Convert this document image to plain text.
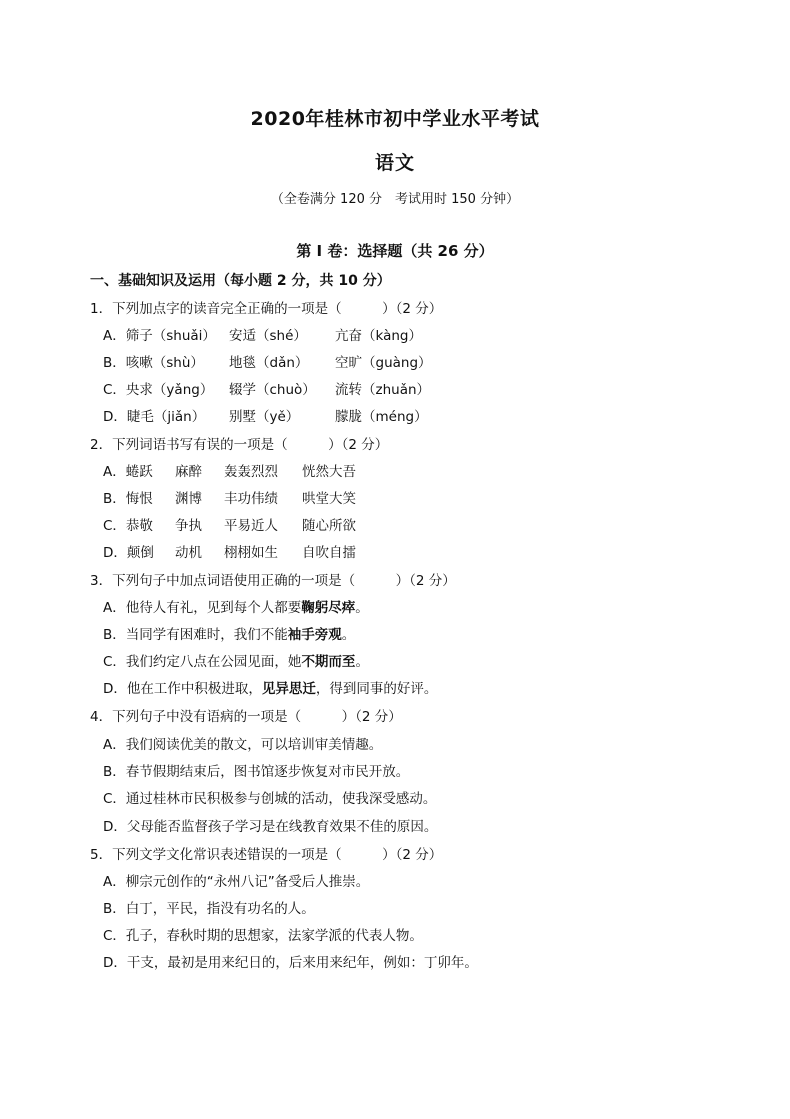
2020年桂林市初中学业水平考试
语文
（全卷满分 120 分　考试用时 150 分钟）
第 I 卷：选择题（共 26 分）
一、基础知识及运用（每小题 2 分，共 10 分）
1．下列加点字的读音完全正确的一项是（　　　）（2 分）
A．筛子（shuǎi） 安适（shé） 亢奋（kàng）
B．咳嗽（shù） 地毯（dǎn） 空旷（guàng）
C．央求（yǎng） 辍学（chuò） 流转（zhuǎn）
D．睫毛（jiǎn） 别墅（yě）	朦胧（méng）
2．下列词语书写有误的一项是（　　　）（2 分）
A．蜷跃 麻醉 轰轰烈烈 恍然大吾
B．悔恨 渊博 丰功伟绩 哄堂大笑
C．恭敬 争执 平易近人 随心所欲
D．颠倒 动机 栩栩如生 自吹自擂
3．下列句子中加点词语使用正确的一项是（　　　）（2 分）
A．他待人有礼，见到每个人都要鞠躬尽瘁。
B．当同学有困难时，我们不能袖手旁观。
C．我们约定八点在公园见面，她不期而至。
D．他在工作中积极进取，见异思迁，得到同事的好评。
4．下列句子中没有语病的一项是（　　　）（2 分）
A．我们阅读优美的散文，可以培训审美情趣。
B．春节假期结束后，图书馆逐步恢复对市民开放。
C．通过桂林市民积极参与创城的活动，使我深受感动。
D．父母能否监督孩子学习是在线教育效果不佳的原因。
5．下列文学文化常识表述错误的一项是（　　　）（2 分）
A．柳宗元创作的“永州八记”备受后人推崇。
B．白丁，平民，指没有功名的人。
C．孔子，春秋时期的思想家，法家学派的代表人物。
D．干支，最初是用来纪日的，后来用来纪年，例如：丁卯年。
